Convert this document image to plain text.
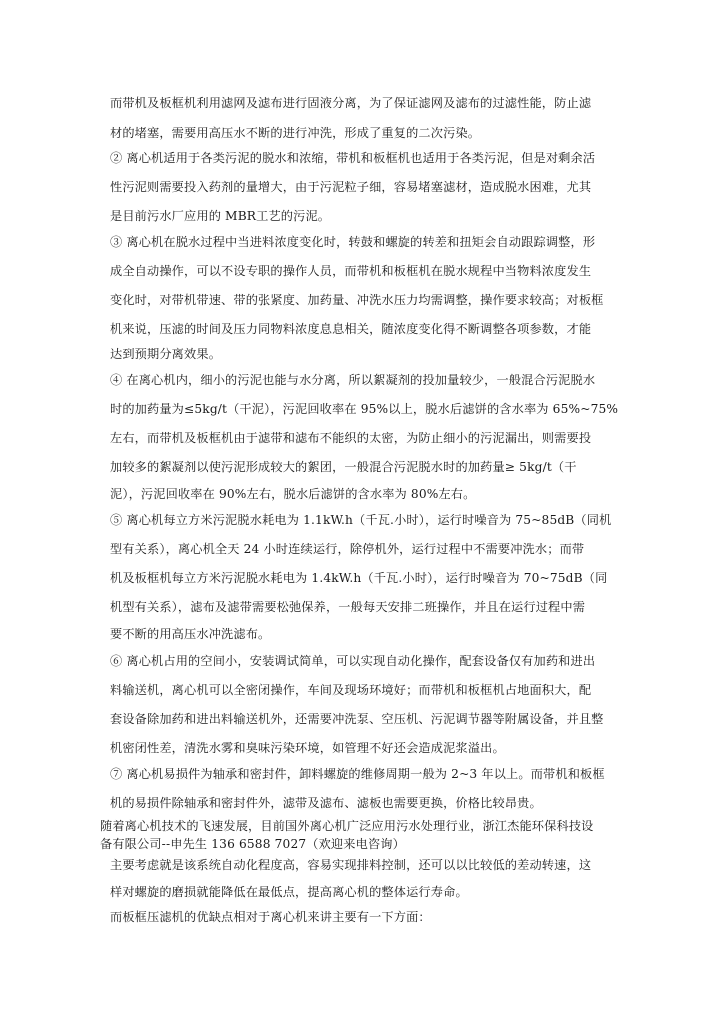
而带机及板框机利用滤网及滤布进行固液分离，为了保证滤网及滤布的过滤性能，防止滤
材的堵塞，需要用高压水不断的进行冲洗，形成了重复的二次污染。
② 离心机适用于各类污泥的脱水和浓缩，带机和板框机也适用于各类污泥，但是对剩余活
性污泥则需要投入药剂的量增大，由于污泥粒子细，容易堵塞滤材，造成脱水困难，尤其
是目前污水厂应用的 MBR工艺的污泥。
③ 离心机在脱水过程中当进料浓度变化时，转鼓和螺旋的转差和扭矩会自动跟踪调整，形
成全自动操作，可以不设专职的操作人员，而带机和板框机在脱水规程中当物料浓度发生
变化时，对带机带速、带的张紧度、加药量、冲洗水压力均需调整，操作要求较高；对板框
机来说，压滤的时间及压力同物料浓度息息相关，随浓度变化得不断调整各项参数，才能
达到预期分离效果。
④ 在离心机内，细小的污泥也能与水分离，所以絮凝剂的投加量较少，一般混合污泥脱水
时的加药量为≤5kg/t（干泥），污泥回收率在 95%以上，脱水后滤饼的含水率为 65%~75%
左右，而带机及板框机由于滤带和滤布不能织的太密，为防止细小的污泥漏出，则需要投
加较多的絮凝剂以使污泥形成较大的絮团，一般混合污泥脱水时的加药量≥ 5kg/t（干
泥），污泥回收率在 90%左右，脱水后滤饼的含水率为 80%左右。
⑤ 离心机每立方米污泥脱水耗电为 1.1kW.h（千瓦.小时），运行时噪音为 75~85dB（同机
型有关系），离心机全天 24 小时连续运行，除停机外，运行过程中不需要冲洗水；而带
机及板框机每立方米污泥脱水耗电为 1.4kW.h（千瓦.小时），运行时噪音为 70~75dB（同
机型有关系），滤布及滤带需要松弛保养，一般每天安排二班操作，并且在运行过程中需
要不断的用高压水冲洗滤布。
⑥ 离心机占用的空间小，安装调试简单，可以实现自动化操作，配套设备仅有加药和进出
料输送机，离心机可以全密闭操作，车间及现场环境好；而带机和板框机占地面积大，配
套设备除加药和进出料输送机外，还需要冲洗泵、空压机、污泥调节器等附属设备，并且整
机密闭性差，清洗水雾和臭味污染环境，如管理不好还会造成泥浆溢出。
⑦ 离心机易损件为轴承和密封件，卸料螺旋的维修周期一般为 2~3 年以上。而带机和板框
机的易损件除轴承和密封件外，滤带及滤布、滤板也需要更换，价格比较昂贵。
随着离心机技术的飞速发展，目前国外离心机广泛应用污水处理行业，浙江杰能环保科技设
备有限公司--申先生 136 6588 7027（欢迎来电咨询）
主要考虑就是该系统自动化程度高，容易实现排料控制，还可以以比较低的差动转速，这
样对螺旋的磨损就能降低在最低点，提高离心机的整体运行寿命。
而板框压滤机的优缺点相对于离心机来讲主要有一下方面：
